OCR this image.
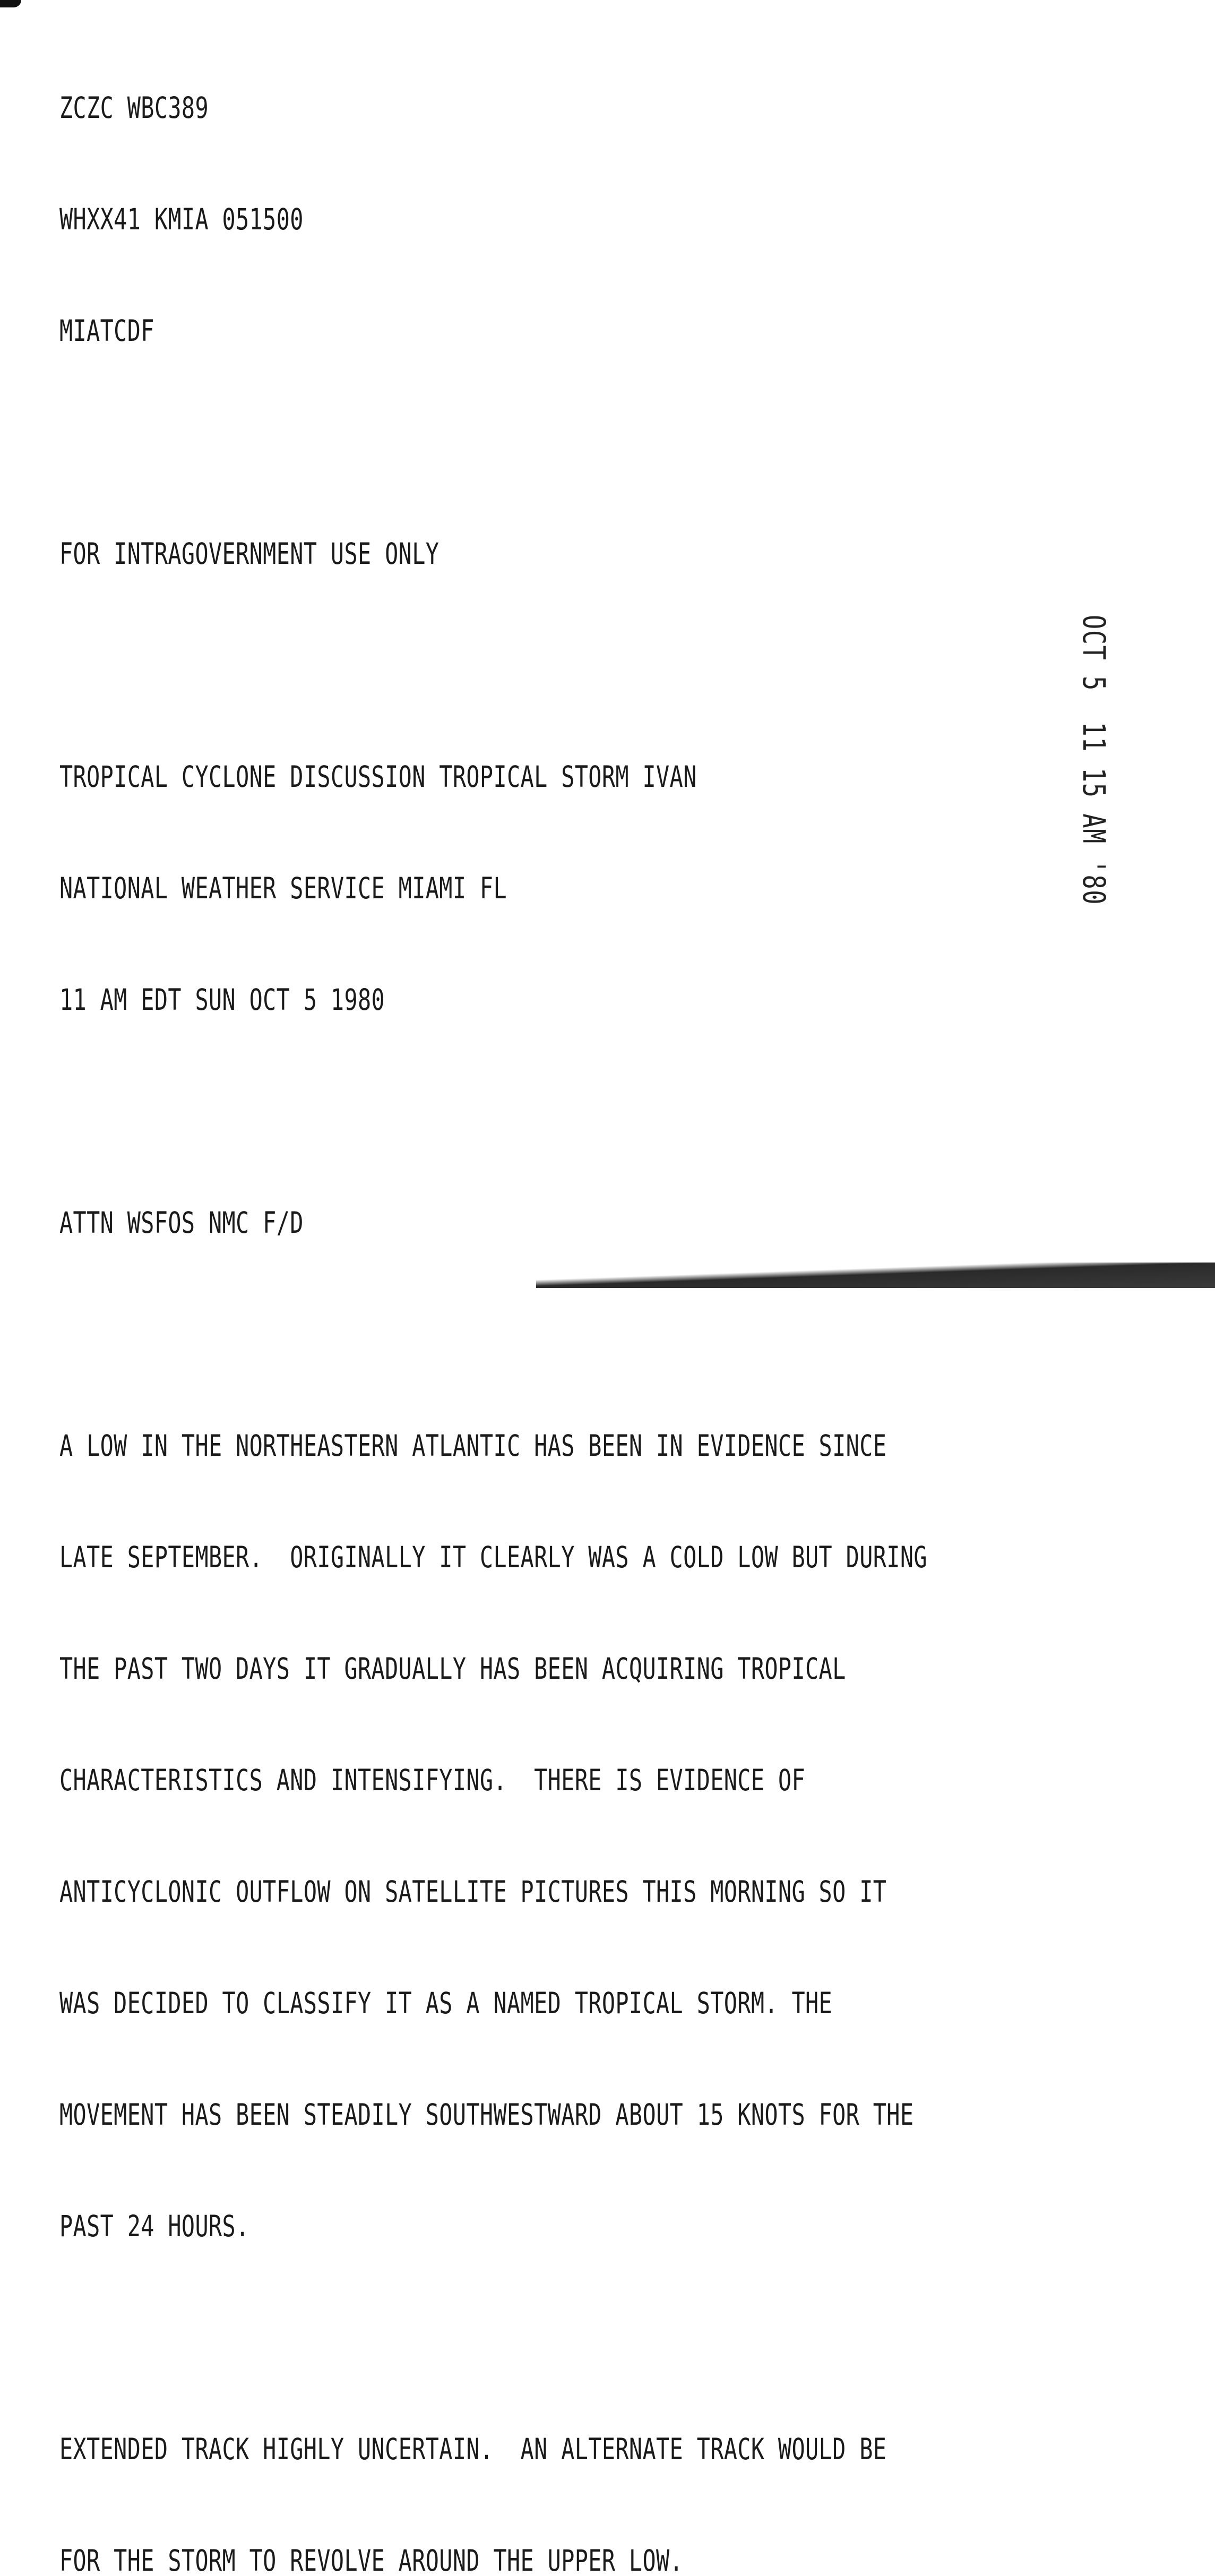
ZCZC WBC389

WHXX41 KMIA 051500

MIATCDF

FOR INTRAGOVERNMENT USE ONLY

TROPICAL CYCLONE DISCUSSION TROPICAL STORM IVAN

NATIONAL WEATHER SERVICE MIAMI FL

11 AM EDT SUN OCT 5 1980

ATTN WSFOS NMC F/D

A LOW IN THE NORTHEASTERN ATLANTIC HAS BEEN IN EVIDENCE SINCE

LATE SEPTEMBER.  ORIGINALLY IT CLEARLY WAS A COLD LOW BUT DURING

THE PAST TWO DAYS IT GRADUALLY HAS BEEN ACQUIRING TROPICAL

CHARACTERISTICS AND INTENSIFYING.  THERE IS EVIDENCE OF

ANTICYCLONIC OUTFLOW ON SATELLITE PICTURES THIS MORNING SO IT

WAS DECIDED TO CLASSIFY IT AS A NAMED TROPICAL STORM. THE

MOVEMENT HAS BEEN STEADILY SOUTHWESTWARD ABOUT 15 KNOTS FOR THE

PAST 24 HOURS.

EXTENDED TRACK HIGHLY UNCERTAIN.  AN ALTERNATE TRACK WOULD BE

FOR THE STORM TO REVOLVE AROUND THE UPPER LOW.

OCT 5  11 15 AM '80
